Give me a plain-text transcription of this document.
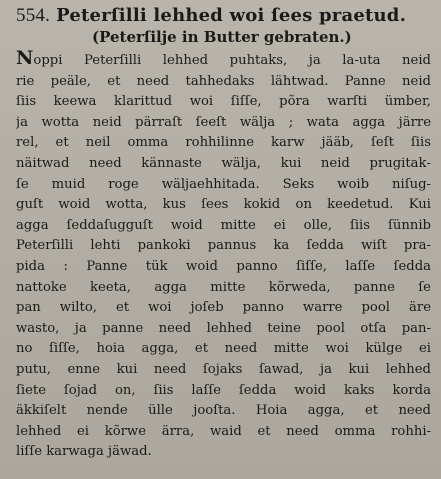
554. Peterſilli lehhed woi ſees praetud.
(Peterſilje in Butter gebraten.)
Noppi Peterſilli lehhed puhtaks, ja la‑uta neid
rie peäle, et need tahhedaks lähtwad. Panne neid
ſiis keewa klarittud woi ſiſſe, põra warſti ümber,
ja wotta neid pärraſt ſeeſt wälja ; wata agga järre
rel, et neil omma rohhilinne karw jääb, ſeſt ſiis
näitwad need kännaste wälja, kui neid prugitak‑
ſe muid roge wäljaehhitada. Seks woib niſug‑
guſt woid wotta, kus ſees kokid on keedetud. Kui
agga ſeddaſugguſt woid mitte ei olle, ſiis ſünnib
Peterſilli lehti pankoki pannus ka ſedda wiſt pra‑
pida : Panne tük woid panno ſiſſe, laſſe ſedda
nattoke keeta, agga mitte kõrweda, panne ſe
pan wilto, et woi joſeb panno warre pool äre
wasto, ja panne need lehhed teine pool otſa pan‑
no ſiſſe, hoia agga, et need mitte woi külge ei
putu, enne kui need ſojaks ſawad, ja kui lehhed
ſiete ſojad on, ſiis laſſe ſedda woid kaks korda
äkkiſelt nende ülle jooſta. Hoia agga, et need
lehhed ei kõrwe ärra, waid et need omma rohhi‑
liſſe karwaga jäwad.
